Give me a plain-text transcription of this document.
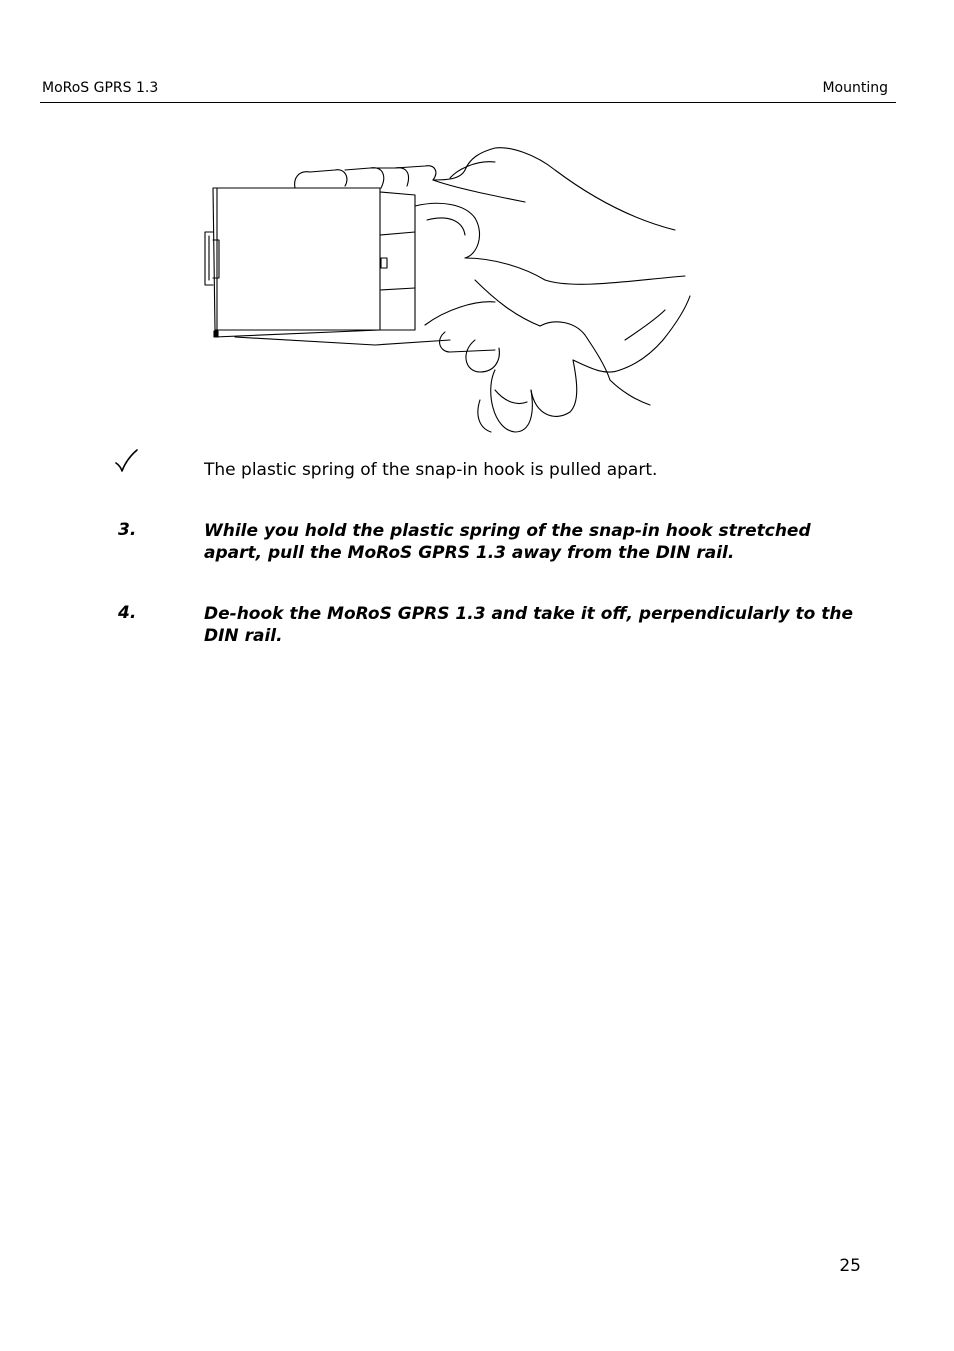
MoRoS GPRS 1.3	Mounting
The plastic spring of the snap-in hook is pulled apart.
3.	While you hold the plastic spring of the snap-in hook stretched apart, pull the MoRoS GPRS 1.3 away from the DIN rail.
4.	De-hook the MoRoS GPRS 1.3 and take it off, perpendicularly to the DIN rail.
25
